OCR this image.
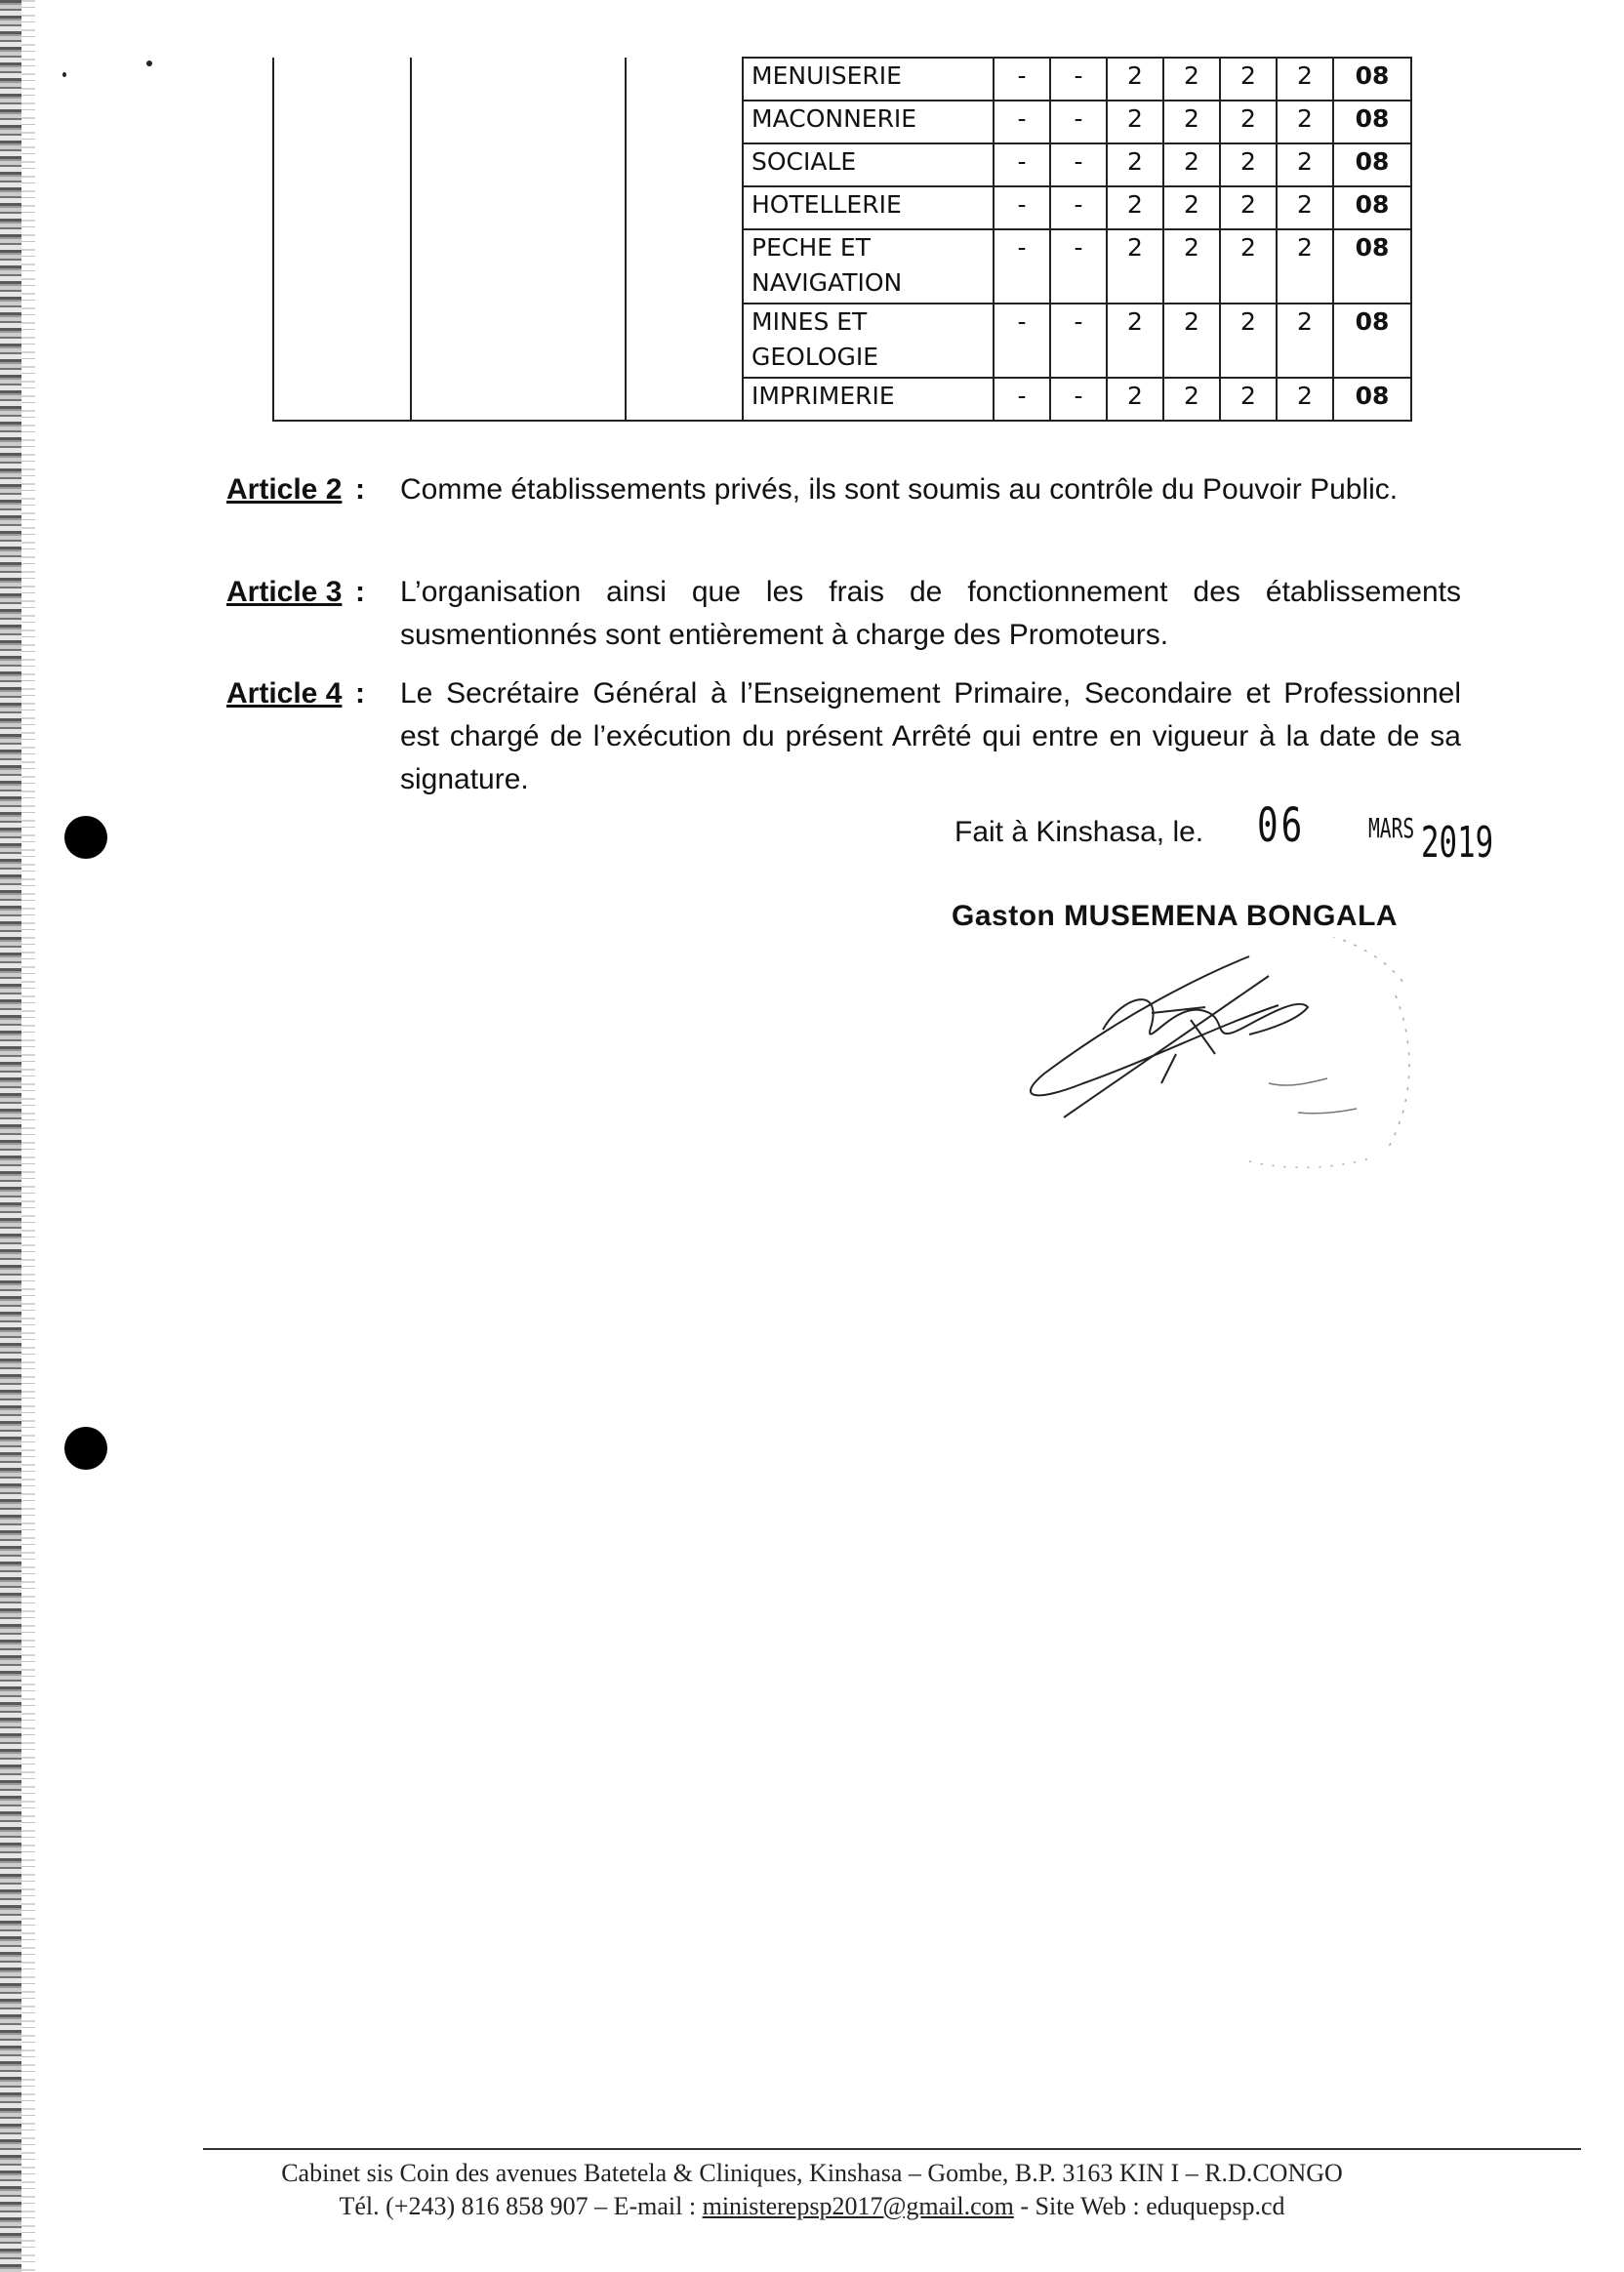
			MENUISERIE	-	-	2	2	2	2	08
			MACONNERIE	-	-	2	2	2	2	08
			SOCIALE	-	-	2	2	2	2	08
			HOTELLERIE	-	-	2	2	2	2	08
			PECHE ET NAVIGATION	-	-	2	2	2	2	08
			MINES ET GEOLOGIE	-	-	2	2	2	2	08
			IMPRIMERIE	-	-	2	2	2	2	08
Article 2 : Comme établissements privés, ils sont soumis au contrôle du Pouvoir Public.
Article 3 : L’organisation ainsi que les frais de fonctionnement des établissements susmentionnés sont entièrement à charge des Promoteurs.
Article 4 : Le Secrétaire Général à l’Enseignement Primaire, Secondaire et Professionnel est chargé de l’exécution du présent Arrêté qui entre en vigueur à la date de sa signature.
Fait à Kinshasa, le. 06 MARS 2019
Gaston MUSEMENA BONGALA
Cabinet sis Coin des avenues Batetela & Cliniques, Kinshasa – Gombe, B.P. 3163 KIN I – R.D.CONGO
Tél. (+243) 816 858 907 – E-mail : ministerepsp2017@gmail.com - Site Web : eduquepsp.cd
